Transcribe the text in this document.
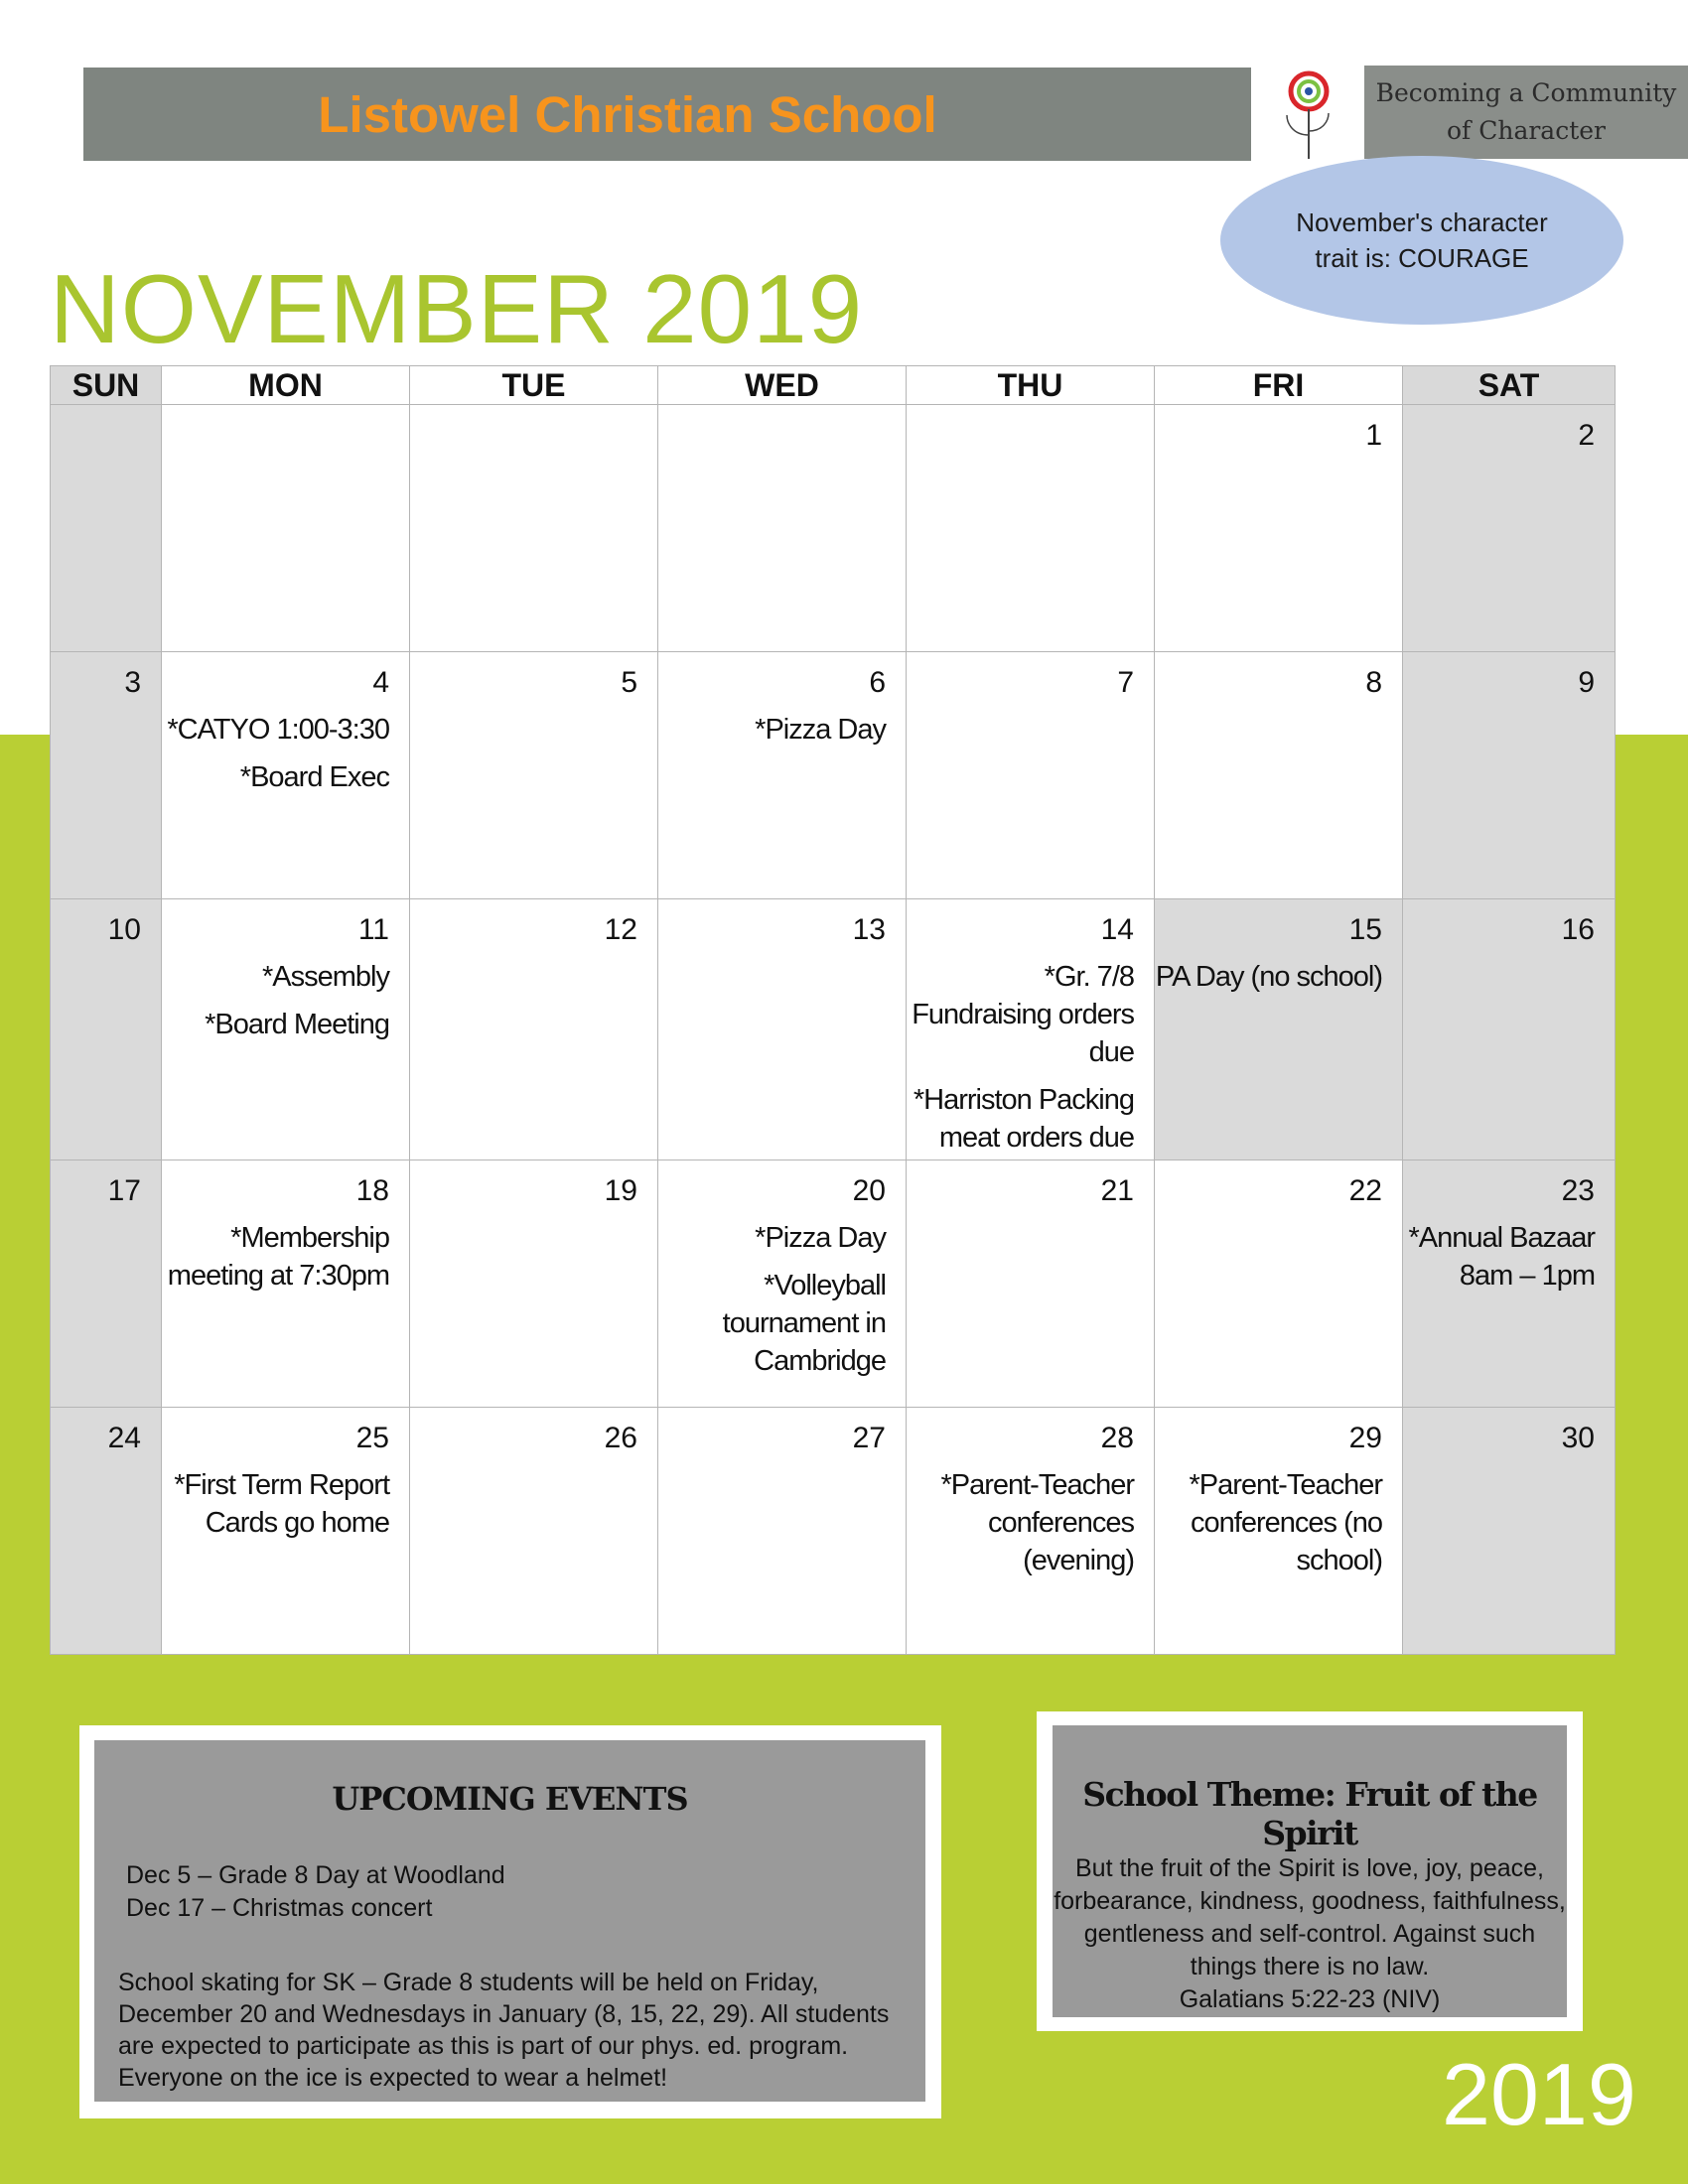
Listowel Christian School	Becoming a Community
of Character
November's character
trait is: COURAGE
NOVEMBER 2019
SUN	MON	TUE	WED	THU	FRI	SAT

					1	2

3	4
*CATYO 1:00-3:30
*Board Exec	5	6
*Pizza Day	7	8	9

10	11
*Assembly
*Board Meeting	12	13	14
*Gr. 7/8 Fundraising orders due
*Harriston Packing meat orders due	15
PA Day (no school)	16

17	18
*Membership meeting at 7:30pm	19	20
*Pizza Day
*Volleyball tournament in Cambridge	21	22	23
*Annual Bazaar 8am – 1pm

24	25
*First Term Report Cards go home	26	27	28
*Parent-Teacher conferences (evening)	29
*Parent-Teacher conferences (no school)	30
UPCOMING EVENTS
Dec 5 – Grade 8 Day at Woodland
Dec 17 – Christmas concert
School skating for SK – Grade 8 students will be held on Friday, December 20 and Wednesdays in January (8, 15, 22, 29). All students are expected to participate as this is part of our phys. ed. program. Everyone on the ice is expected to wear a helmet!
School Theme: Fruit of the Spirit
But the fruit of the Spirit is love, joy, peace, forbearance, kindness, goodness, faithfulness, gentleness and self-control. Against such things there is no law.
Galatians 5:22-23 (NIV)
2019
